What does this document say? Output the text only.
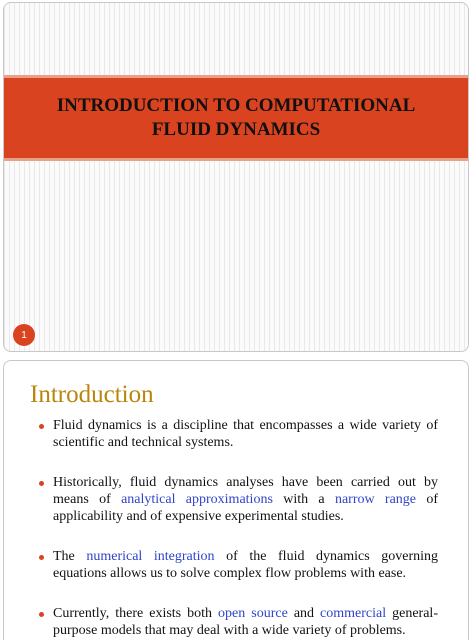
INTRODUCTION TO COMPUTATIONAL
FLUID DYNAMICS
1
Introduction
Fluid dynamics is a discipline that encompasses a wide variety of scientific and technical systems.
Historically, fluid dynamics analyses have been carried out by means of analytical approximations with a narrow range of applicability and of expensive experimental studies.
The numerical integration of the fluid dynamics governing equations allows us to solve complex flow problems with ease.
Currently, there exists both open source and commercial general-purpose models that may deal with a wide variety of problems.
